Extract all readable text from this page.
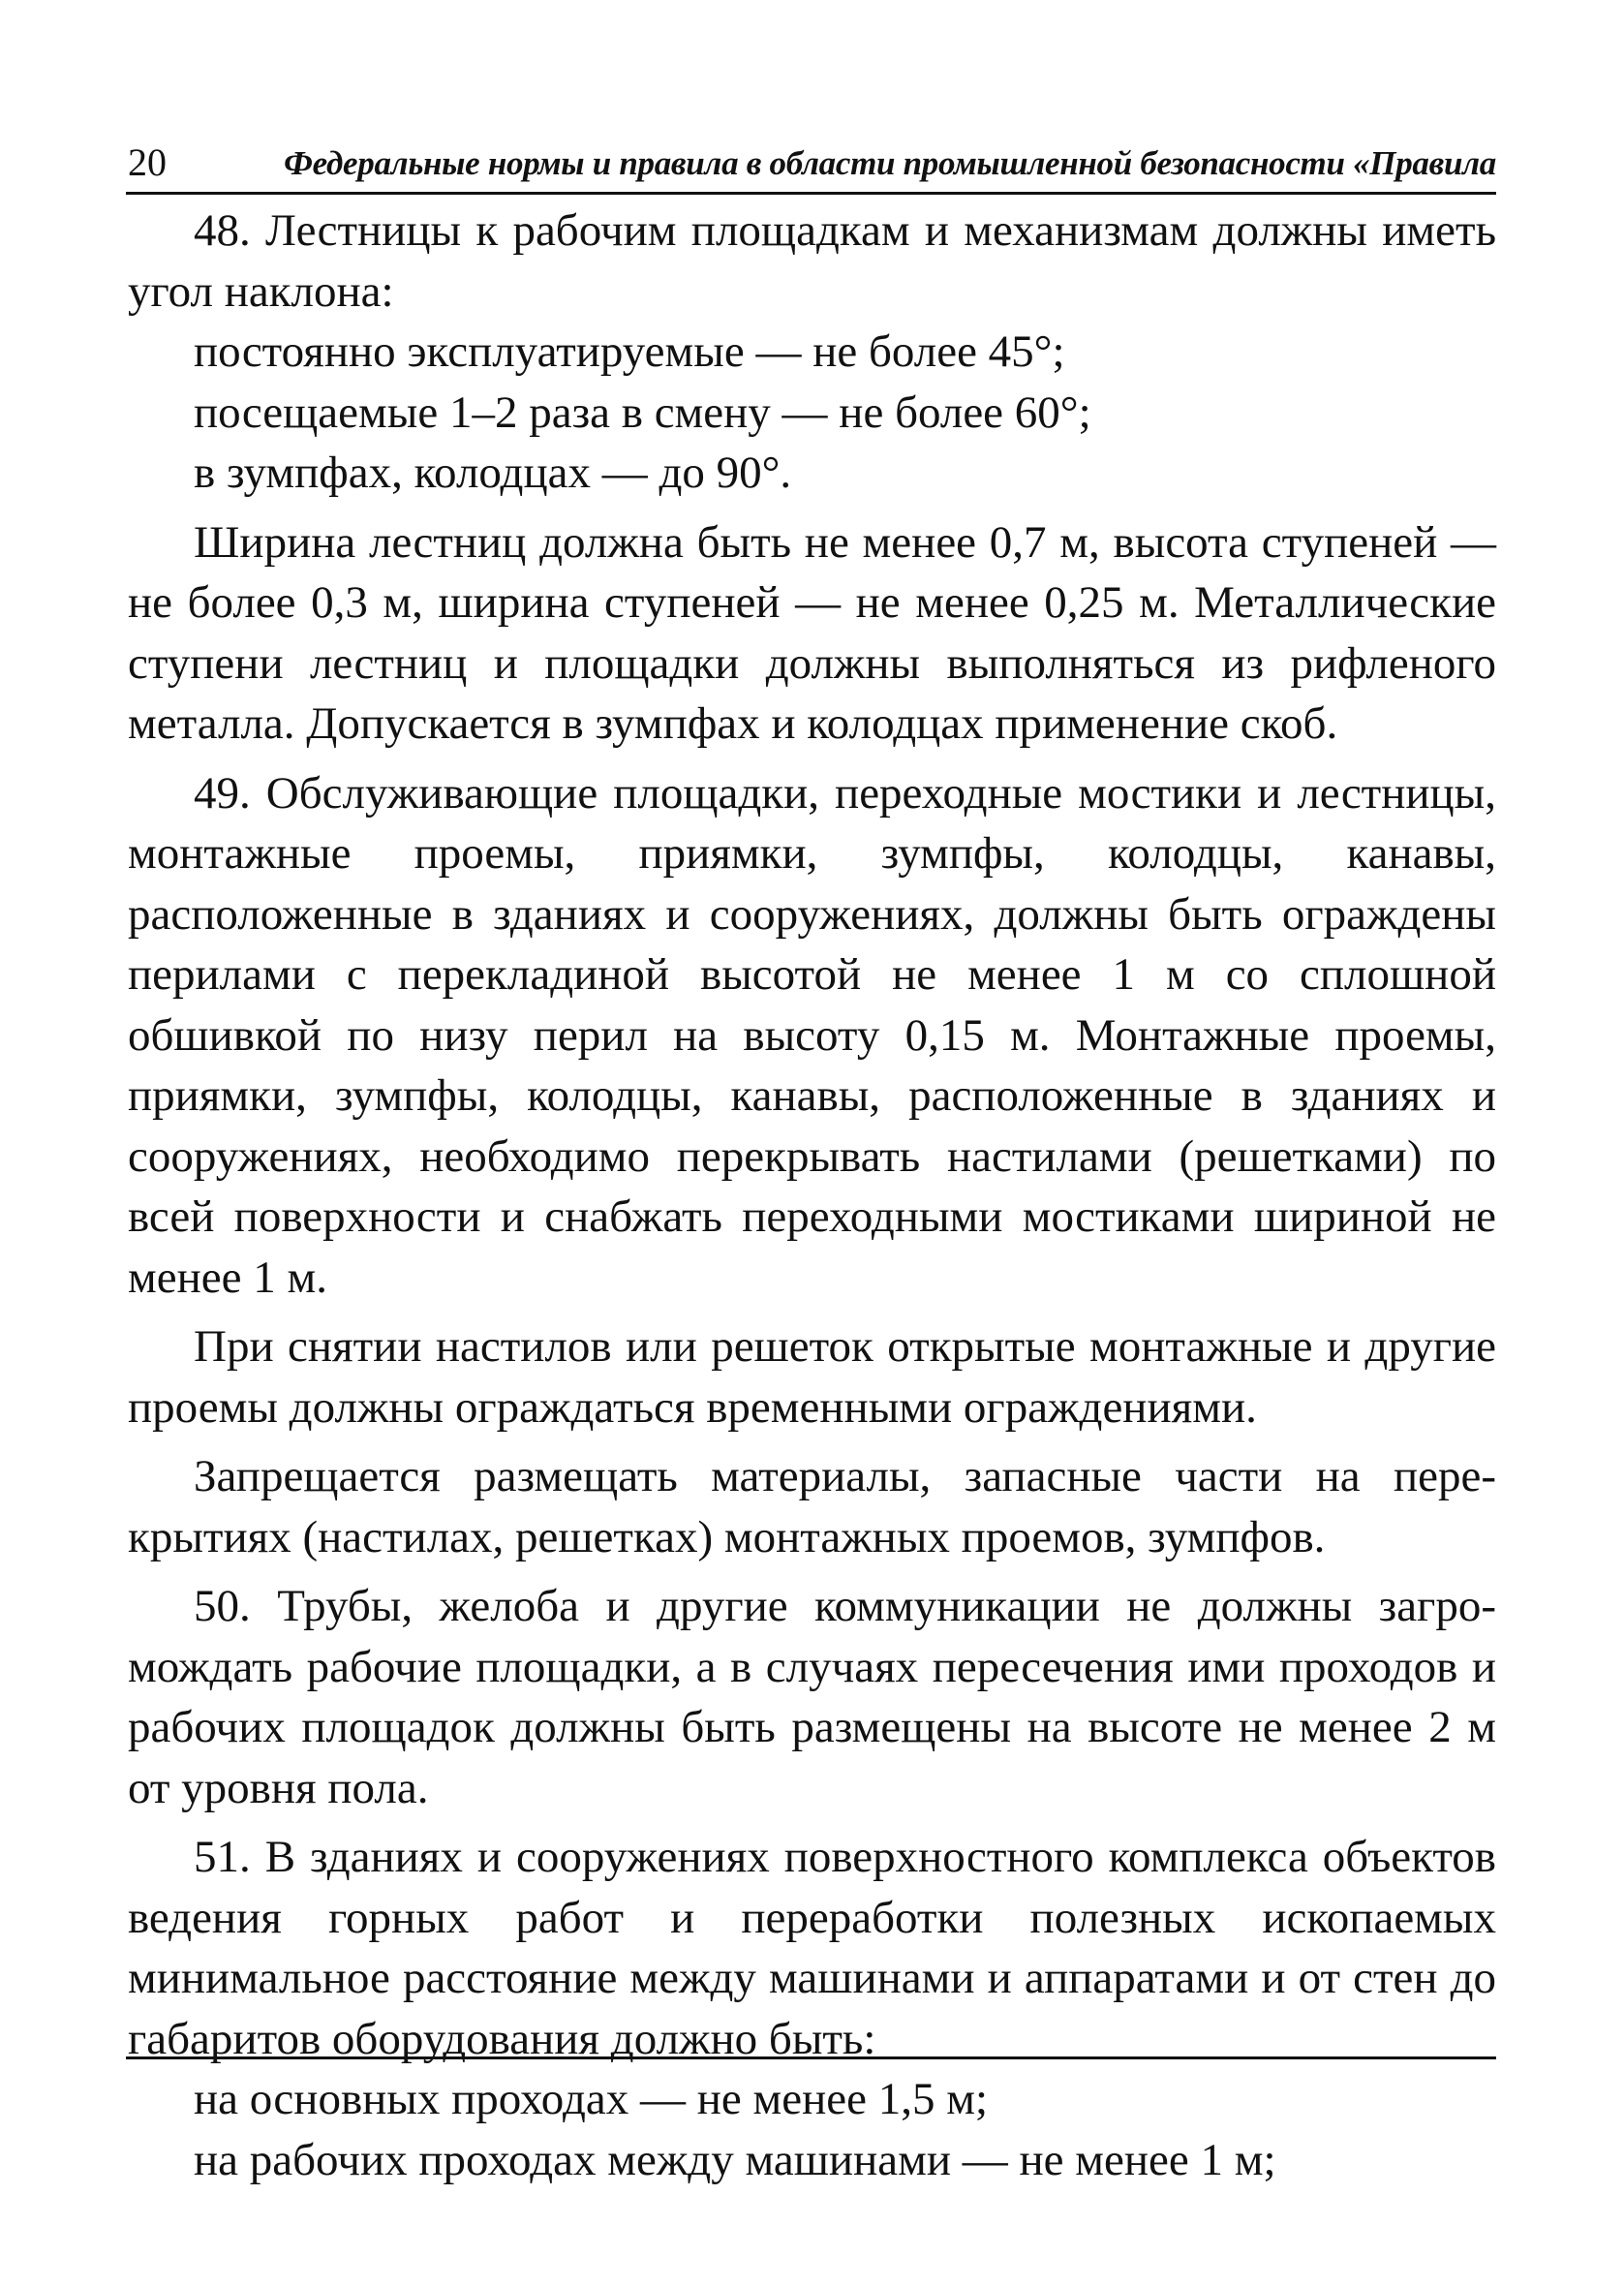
20	Федеральные нормы и правила в области промышленной безопасности «Правила

48. Лестницы к рабочим площадкам и механизмам должны иметь угол наклона:

постоянно эксплуатируемые — не более 45°;

посещаемые 1–2 раза в смену — не более 60°;

в зумпфах, колодцах — до 90°.

Ширина лестниц должна быть не менее 0,7 м, высота ступеней — не более 0,3 м, ширина ступеней — не менее 0,25 м. Металлические ступени лестниц и площадки должны выполняться из рифленого металла. Допускается в зумпфах и колодцах применение скоб.

49. Обслуживающие площадки, переходные мостики и лестницы, монтажные проемы, приямки, зумпфы, колодцы, канавы, расположенные в зданиях и сооружениях, должны быть ограждены перилами с перекладиной высотой не менее 1 м со сплошной обшивкой по низу перил на высоту 0,15 м. Монтажные проемы, приямки, зумпфы, колодцы, канавы, расположенные в зданиях и сооружениях, необходимо перекрывать настилами (решетками) по всей поверхности и снабжать переходными мостиками шириной не менее 1 м.

При снятии настилов или решеток открытые монтажные и другие проемы должны ограждаться временными ограждениями.

Запрещается размещать материалы, запасные части на перекрытиях (настилах, решетках) монтажных проемов, зумпфов.

50. Трубы, желоба и другие коммуникации не должны загромождать рабочие площадки, а в случаях пересечения ими проходов и рабочих площадок должны быть размещены на высоте не менее 2 м от уровня пола.

51. В зданиях и сооружениях поверхностного комплекса объектов ведения горных работ и переработки полезных ископаемых минимальное расстояние между машинами и аппаратами и от стен до габаритов оборудования должно быть:

на основных проходах — не менее 1,5 м;

на рабочих проходах между машинами — не менее 1 м;
